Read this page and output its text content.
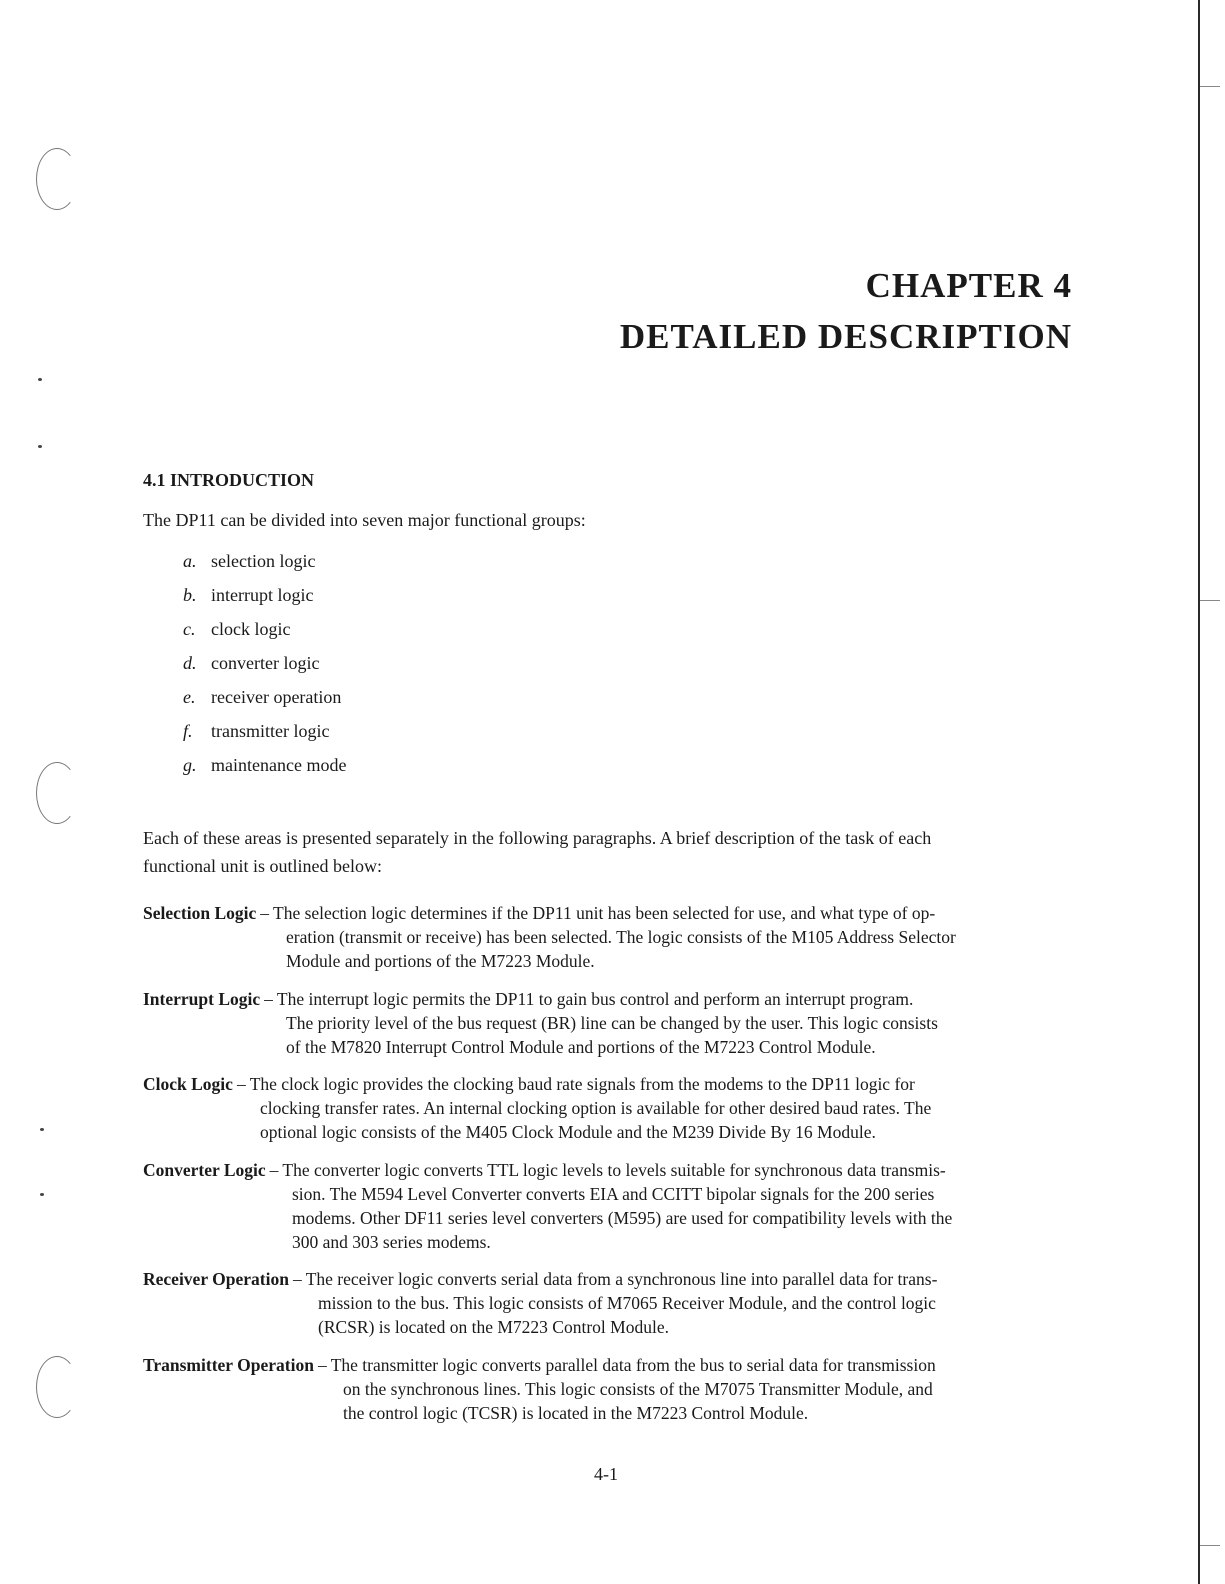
CHAPTER 4
DETAILED DESCRIPTION
4.1 INTRODUCTION

The DP11 can be divided into seven major functional groups:

a. selection logic
b. interrupt logic
c. clock logic
d. converter logic
e. receiver operation
f. transmitter logic
g. maintenance mode

Each of these areas is presented separately in the following paragraphs. A brief description of the task of each
functional unit is outlined below:

Selection Logic – The selection logic determines if the DP11 unit has been selected for use, and what type of op-
eration (transmit or receive) has been selected. The logic consists of the M105 Address Selector
Module and portions of the M7223 Module.

Interrupt Logic – The interrupt logic permits the DP11 to gain bus control and perform an interrupt program.
The priority level of the bus request (BR) line can be changed by the user. This logic consists
of the M7820 Interrupt Control Module and portions of the M7223 Control Module.

Clock Logic – The clock logic provides the clocking baud rate signals from the modems to the DP11 logic for
clocking transfer rates. An internal clocking option is available for other desired baud rates. The
optional logic consists of the M405 Clock Module and the M239 Divide By 16 Module.

Converter Logic – The converter logic converts TTL logic levels to levels suitable for synchronous data transmis-
sion. The M594 Level Converter converts EIA and CCITT bipolar signals for the 200 series
modems. Other DF11 series level converters (M595) are used for compatibility levels with the
300 and 303 series modems.

Receiver Operation – The receiver logic converts serial data from a synchronous line into parallel data for trans-
mission to the bus. This logic consists of M7065 Receiver Module, and the control logic
(RCSR) is located on the M7223 Control Module.

Transmitter Operation – The transmitter logic converts parallel data from the bus to serial data for transmission
on the synchronous lines. This logic consists of the M7075 Transmitter Module, and
the control logic (TCSR) is located in the M7223 Control Module.

4-1
